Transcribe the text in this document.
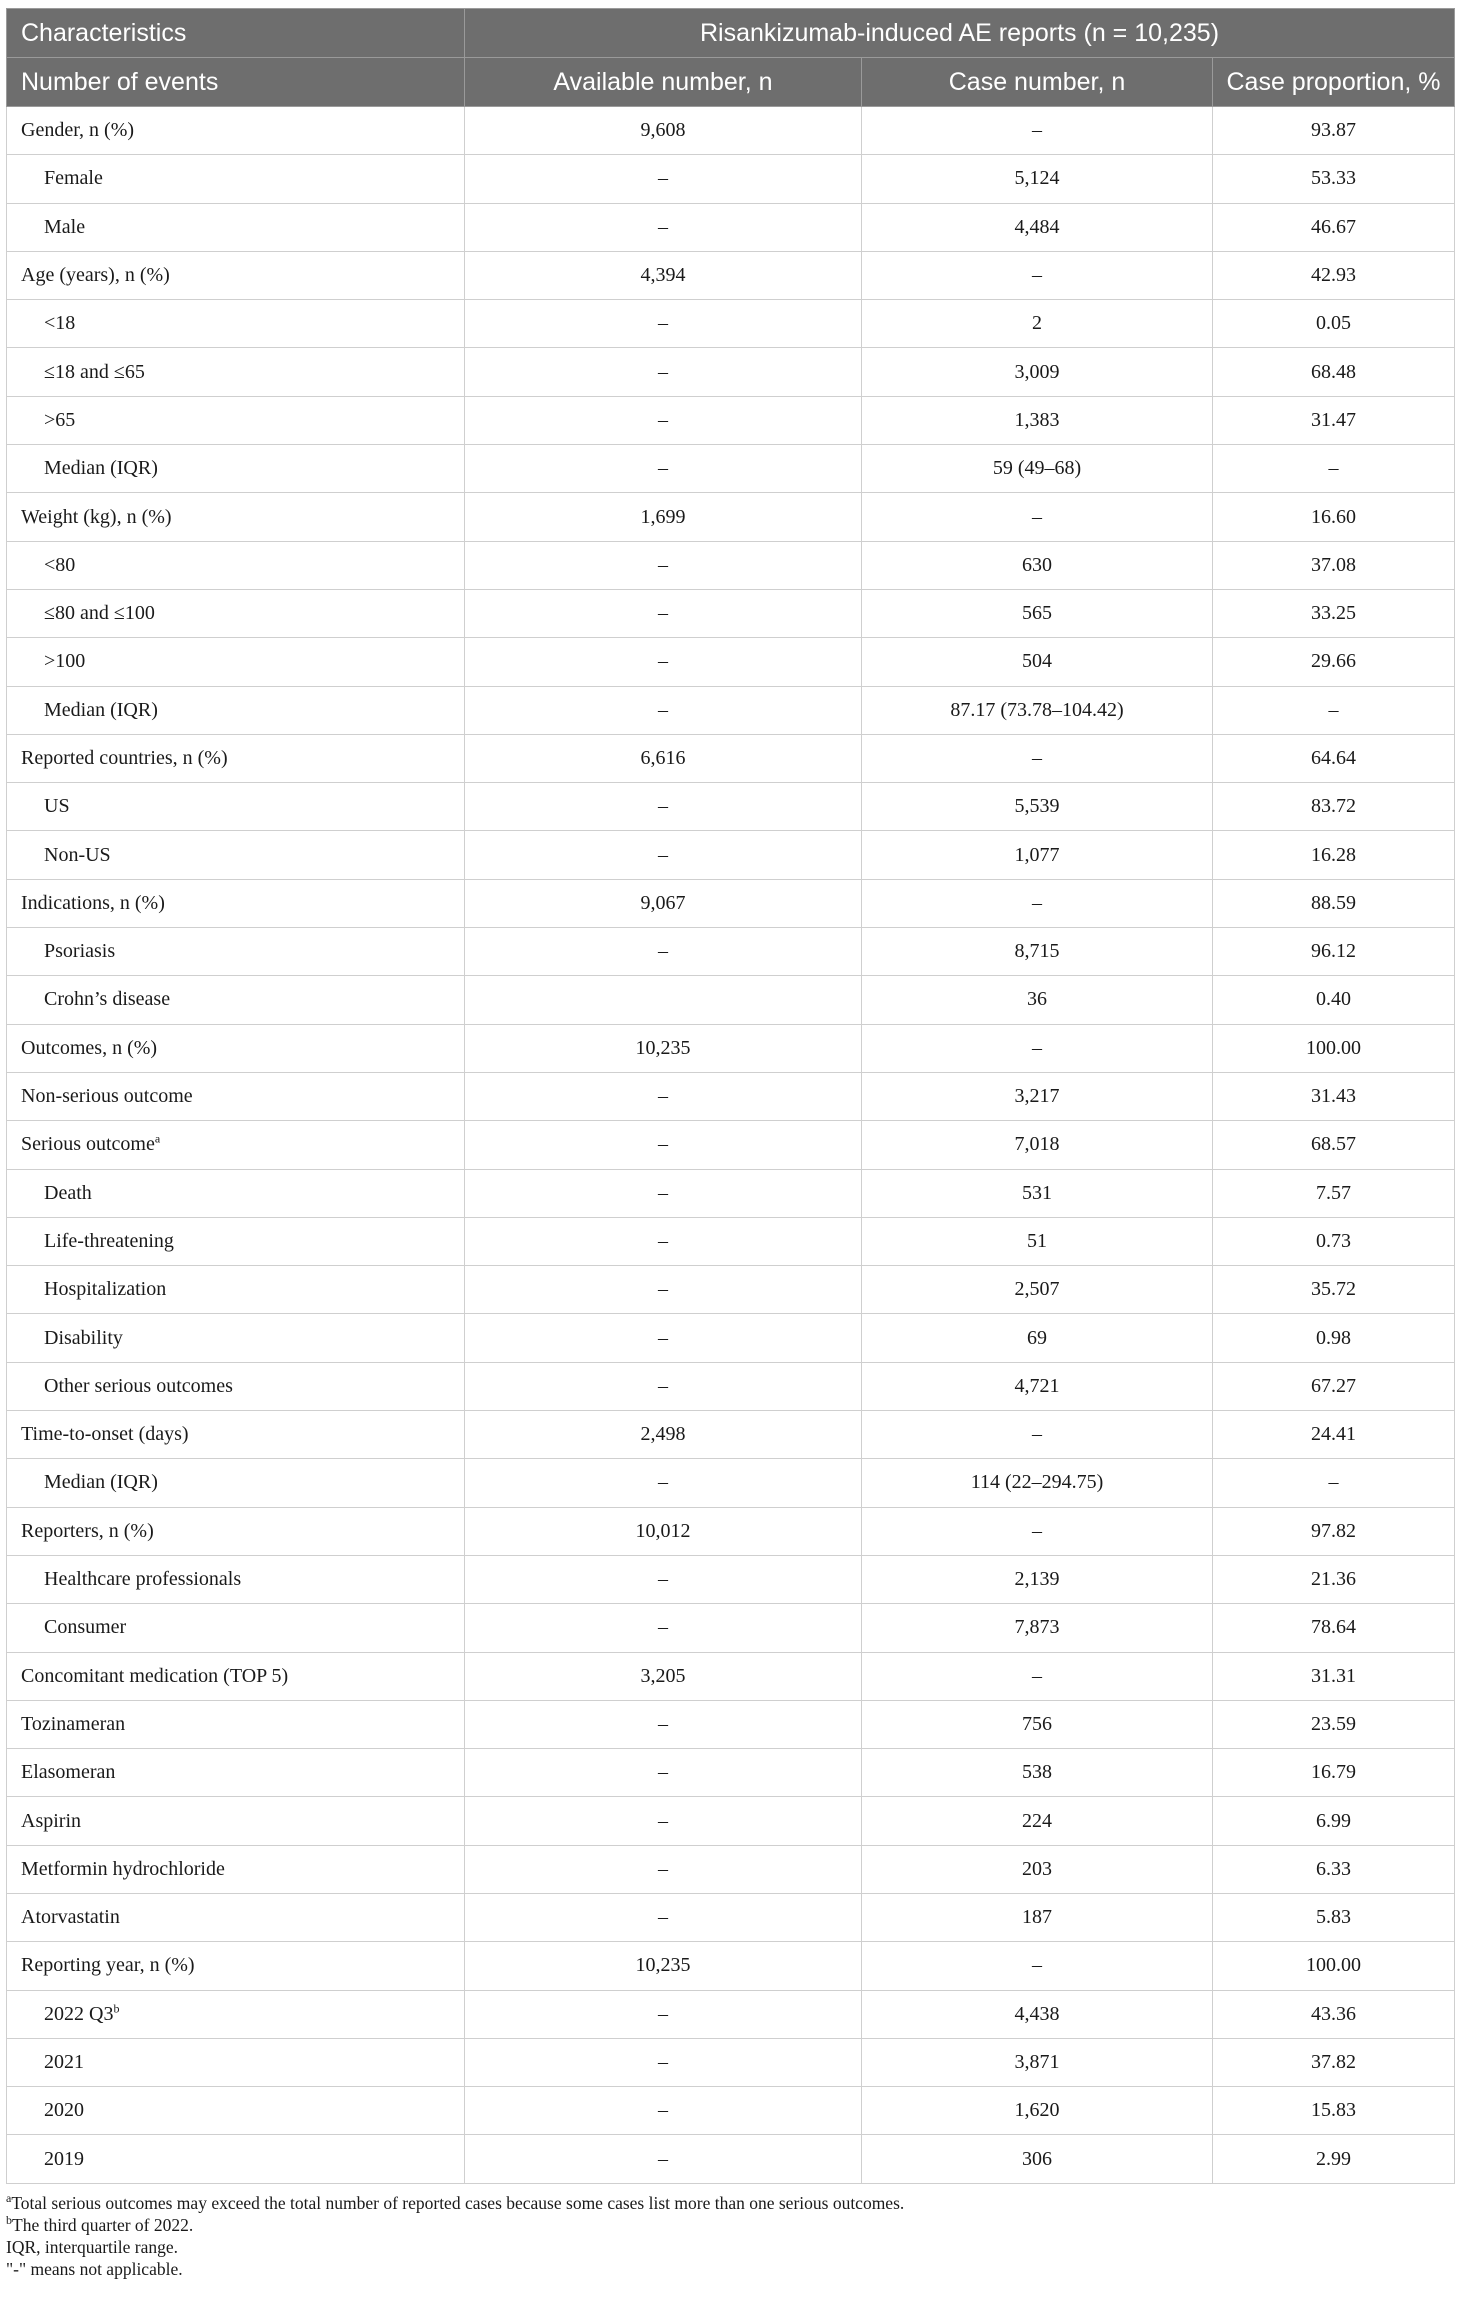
Characteristics	Risankizumab-induced AE reports (n = 10,235)		
Number of events	Available number, n	Case number, n	Case proportion, %
Gender, n (%)	9,608	–	93.87
Female	–	5,124	53.33
Male	–	4,484	46.67
Age (years), n (%)	4,394	–	42.93
<18	–	2	0.05
≤18 and ≤65	–	3,009	68.48
>65	–	1,383	31.47
Median (IQR)	–	59 (49–68)	–
Weight (kg), n (%)	1,699	–	16.60
<80	–	630	37.08
≤80 and ≤100	–	565	33.25
>100	–	504	29.66
Median (IQR)	–	87.17 (73.78–104.42)	–
Reported countries, n (%)	6,616	–	64.64
US	–	5,539	83.72
Non-US	–	1,077	16.28
Indications, n (%)	9,067	–	88.59
Psoriasis	–	8,715	96.12
Crohn’s disease		36	0.40
Outcomes, n (%)	10,235	–	100.00
Non-serious outcome	–	3,217	31.43
Serious outcome$^a$	–	7,018	68.57
Death	–	531	7.57
Life-threatening	–	51	0.73
Hospitalization	–	2,507	35.72
Disability	–	69	0.98
Other serious outcomes	–	4,721	67.27
Time-to-onset (days)	2,498	–	24.41
Median (IQR)	–	114 (22–294.75)	–
Reporters, n (%)	10,012	–	97.82
Healthcare professionals	–	2,139	21.36
Consumer	–	7,873	78.64
Concomitant medication (TOP 5)	3,205	–	31.31
Tozinameran	–	756	23.59
Elasomeran	–	538	16.79
Aspirin	–	224	6.99
Metformin hydrochloride	–	203	6.33
Atorvastatin	–	187	5.83
Reporting year, n (%)	10,235	–	100.00
2022 Q3$^b$	–	4,438	43.36
2021	–	3,871	37.82
2020	–	1,620	15.83
2019	–	306	2.99
$^a$Total serious outcomes may exceed the total number of reported cases because some cases list more than one serious outcomes.
$^b$The third quarter of 2022.
IQR, interquartile range.
"-" means not applicable.
